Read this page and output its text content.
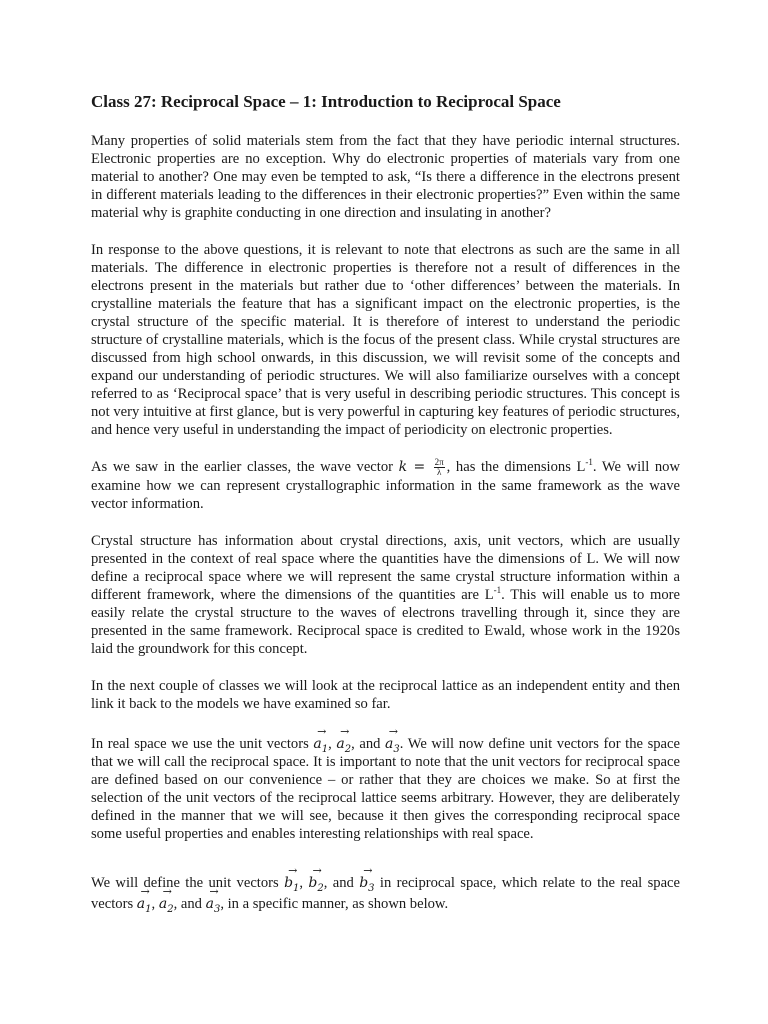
Class 27: Reciprocal Space – 1: Introduction to Reciprocal Space

Many properties of solid materials stem from the fact that they have periodic internal structures. Electronic properties are no exception. Why do electronic properties of materials vary from one material to another? One may even be tempted to ask, “Is there a difference in the electrons present in different materials leading to the differences in their electronic properties?” Even within the same material why is graphite conducting in one direction and insulating in another?

In response to the above questions, it is relevant to note that electrons as such are the same in all materials. The difference in electronic properties is therefore not a result of differences in the electrons present in the materials but rather due to ‘other differences’ between the materials. In crystalline materials the feature that has a significant impact on the electronic properties, is the crystal structure of the specific material. It is therefore of interest to understand the periodic structure of crystalline materials, which is the focus of the present class. While crystal structures are discussed from high school onwards, in this discussion, we will revisit some of the concepts and expand our understanding of periodic structures. We will also familiarize ourselves with a concept referred to as ‘Reciprocal space’ that is very useful in describing periodic structures. This concept is not very intuitive at first glance, but is very powerful in capturing key features of periodic structures, and hence very useful in understanding the impact of periodicity on electronic properties.

As we saw in the earlier classes, the wave vector $k = \frac{2\pi}{\lambda}$ , has the dimensions $L^{-1}$. We will now examine how we can represent crystallographic information in the same framework as the wave vector information.

Crystal structure has information about crystal directions, axis, unit vectors, which are usually presented in the context of real space where the quantities have the dimensions of L. We will now define a reciprocal space where we will represent the same crystal structure information within a different framework, where the dimensions of the quantities are $L^{-1}$. This will enable us to more easily relate the crystal structure to the waves of electrons travelling through it, since they are presented in the same framework. Reciprocal space is credited to Ewald, whose work in the 1920s laid the groundwork for this concept.

In the next couple of classes we will look at the reciprocal lattice as an independent entity and then link it back to the models we have examined so far.

In real space we use the unit vectors → $a_1$, → $a_2$, and → $a_3$. We will now define unit vectors for the space that we will call the reciprocal space. It is important to note that the unit vectors for reciprocal space are defined based on our convenience – or rather that they are choices we make. So at first the selection of the unit vectors of the reciprocal lattice seems arbitrary. However, they are deliberately defined in the manner that we will see, because it then gives the corresponding reciprocal space some useful properties and enables interesting relationships with real space.

We will define the unit vectors → $b_1$, → $b_2$, and → $b_3$ in reciprocal space, which relate to the real space vectors → $a_1$, → $a_2$, and → $a_3$, in a specific manner, as shown below.
